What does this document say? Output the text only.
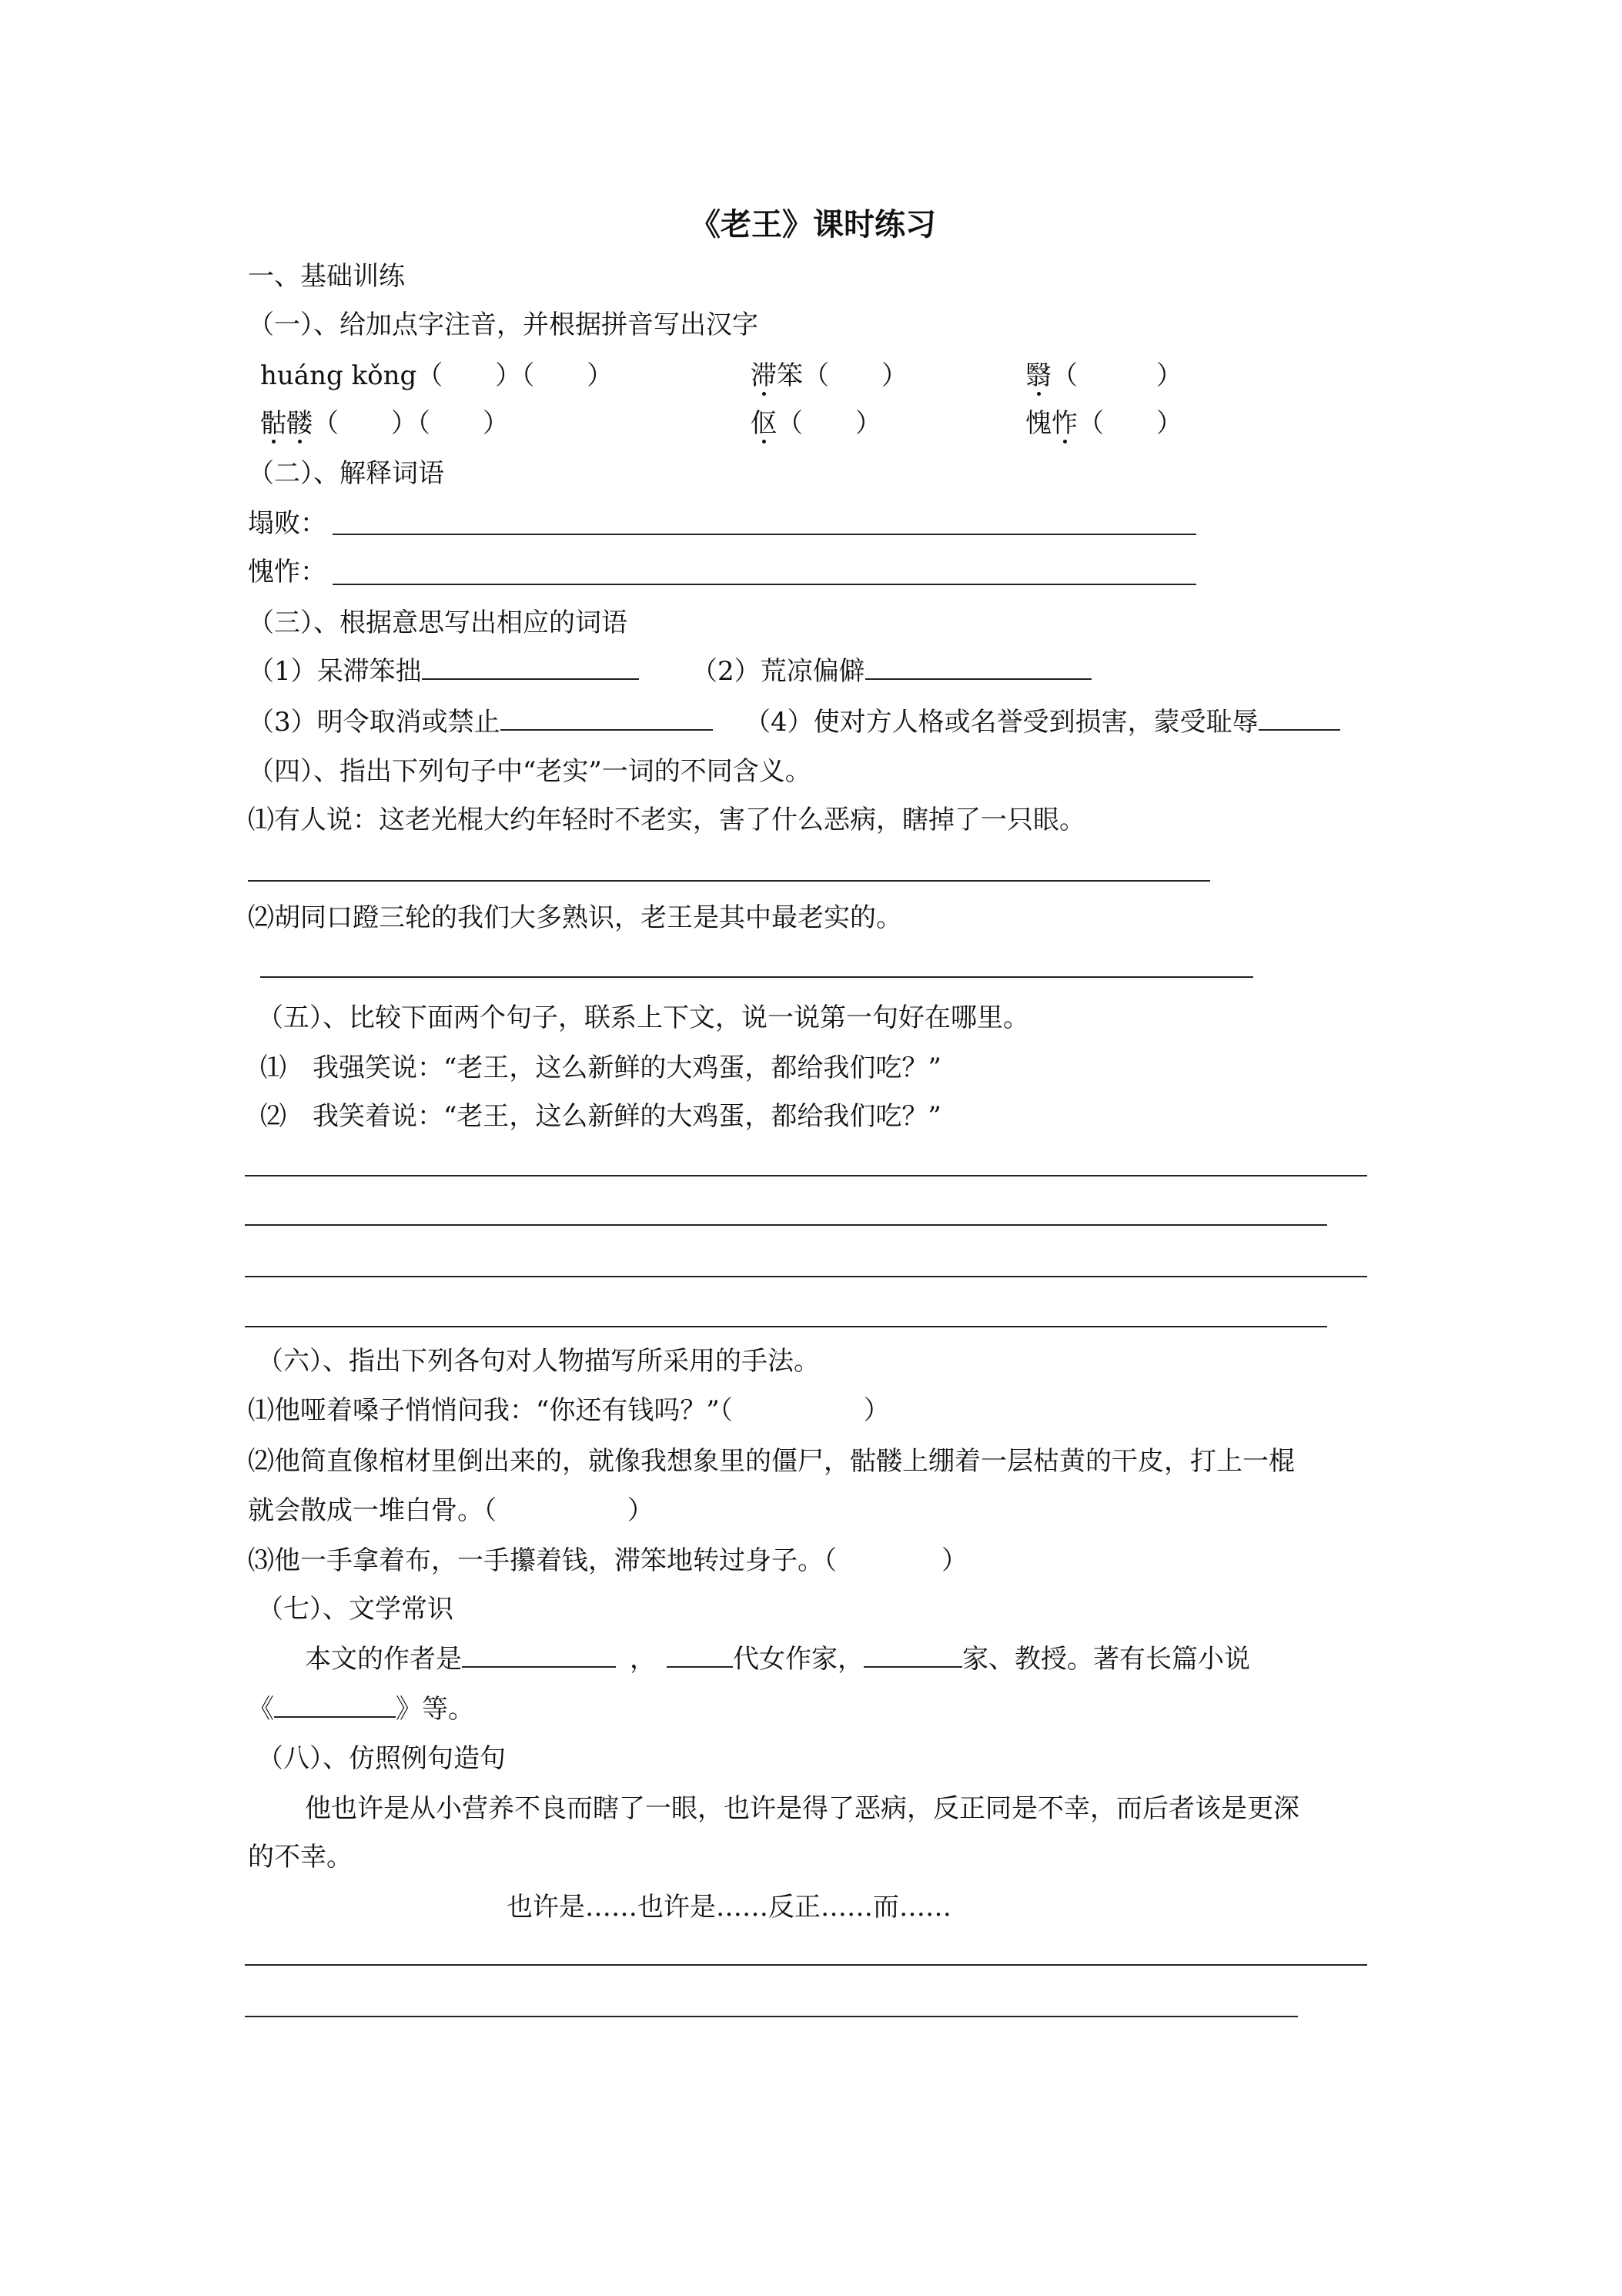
《老王》课时练习
一、基础训练
（一）、给加点字注音，并根据拼音写出汉字
huáng kǒng（　　）（　　）	滞笨（　　）	翳（　　　）
骷髅（　　）（　　）	伛（　　）	愧怍（　　）
（二）、解释词语
塌败：
愧怍：
（三）、根据意思写出相应的词语
（1）呆滞笨拙	（2）荒凉偏僻
（3）明令取消或禁止	（4）使对方人格或名誉受到损害，蒙受耻辱
（四）、指出下列句子中“老实”一词的不同含义。
⑴有人说：这老光棍大约年轻时不老实，害了什么恶病，瞎掉了一只眼。
⑵胡同口蹬三轮的我们大多熟识，老王是其中最老实的。
（五）、比较下面两个句子，联系上下文，说一说第一句好在哪里。
⑴　我强笑说：“老王，这么新鲜的大鸡蛋，都给我们吃？”
⑵　我笑着说：“老王，这么新鲜的大鸡蛋，都给我们吃？”
（六）、指出下列各句对人物描写所采用的手法。
⑴他哑着嗓子悄悄问我：“你还有钱吗？”（　　　　　）
⑵他简直像棺材里倒出来的，就像我想象里的僵尸，骷髅上绷着一层枯黄的干皮，打上一棍
就会散成一堆白骨。（　　　　　）
⑶他一手拿着布，一手攥着钱，滞笨地转过身子。（　　　　）
（七）、文学常识
本文的作者是	，	代女作家，	家、教授。著有长篇小说
《	》等。
（八）、仿照例句造句
他也许是从小营养不良而瞎了一眼，也许是得了恶病，反正同是不幸，而后者该是更深
的不幸。
也许是……也许是……反正……而……
